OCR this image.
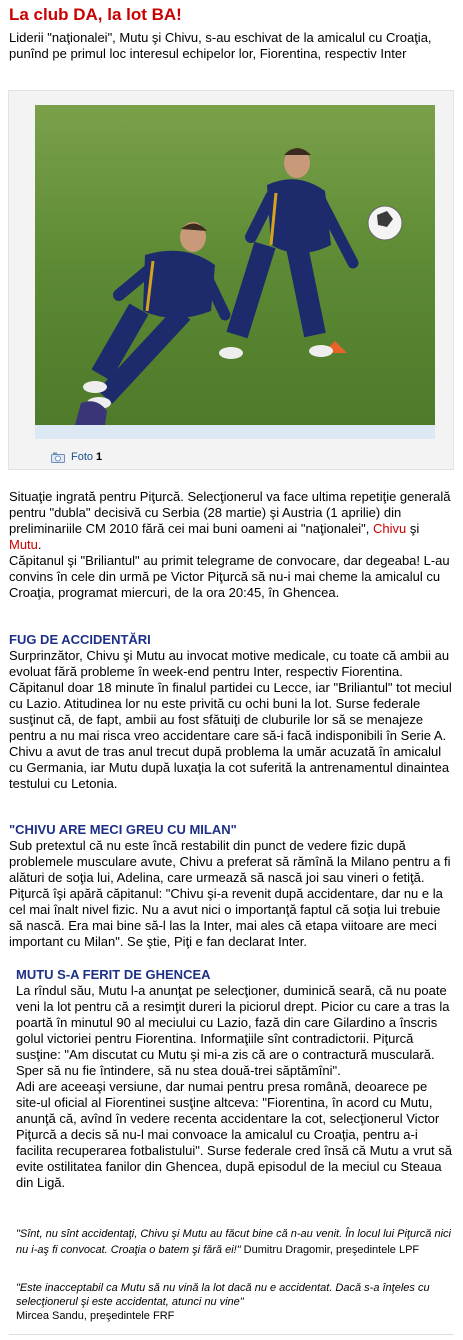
La club DA, la lot BA!
Liderii "naţionalei", Mutu şi Chivu, s-au eschivat de la amicalul cu Croaţia, punînd pe primul loc interesul echipelor lor, Fiorentina, respectiv Inter
Foto 1

Situaţie ingrată pentru Piţurcă. Selecţionerul va face ultima repetiţie generală pentru "dubla" decisivă cu Serbia (28 martie) şi Austria (1 aprilie) din preliminariile CM 2010 fără cei mai buni oameni ai "naţionalei", Chivu şi Mutu.

Căpitanul şi "Briliantul" au primit telegrame de convocare, dar degeaba! L-au convins în cele din urmă pe Victor Piţurcă să nu-i mai cheme la amicalul cu Croaţia, programat miercuri, de la ora 20:45, în Ghencea.

FUG DE ACCIDENTĂRI
Surprinzător, Chivu şi Mutu au invocat motive medicale, cu toate că ambii au evoluat fără probleme în week-end pentru Inter, respectiv Fiorentina. Căpitanul doar 18 minute în finalul partidei cu Lecce, iar "Briliantul" tot meciul cu Lazio. Atitudinea lor nu este privită cu ochi buni la lot. Surse federale susţinut că, de fapt, ambii au fost sfătuiţi de cluburile lor să se menajeze pentru a nu mai risca vreo accidentare care să-i facă indisponibili în Serie A. Chivu a avut de tras anul trecut după problema la umăr acuzată în amicalul cu Germania, iar Mutu după luxaţia la cot suferită la antrenamentul dinaintea testului cu Letonia.
"CHIVU ARE MECI GREU CU MILAN"
Sub pretextul că nu este încă restabilit din punct de vedere fizic după problemele musculare avute, Chivu a preferat să rămînă la Milano pentru a fi alături de soţia lui, Adelina, care urmează să nască joi sau vineri o fetiţă. Piţurcă îşi apără căpitanul: "Chivu şi-a revenit după accidentare, dar nu e la cel mai înalt nivel fizic. Nu a avut nici o importanţă faptul că soţia lui trebuie să nască. Era mai bine să-l las la Inter, mai ales că etapa viitoare are meci important cu Milan". Se ştie, Piţi e fan declarat Inter.
MUTU S-A FERIT DE GHENCEA

La rîndul său, Mutu l-a anunţat pe selecţioner, duminică seară, că nu poate veni la lot pentru că a resimţit dureri la piciorul drept. Picior cu care a tras la poartă în minutul 90 al meciului cu Lazio, fază din care Gilardino a înscris golul victoriei pentru Fiorentina. Informaţiile sînt contradictorii. Piţurcă susţine: "Am discutat cu Mutu şi mi-a zis că are o contractură musculară. Sper să nu fie întindere, să nu stea două-trei săptămîni".

Adi are aceeaşi versiune, dar numai pentru presa română, deoarece pe site-ul oficial al Fiorentinei susţine altceva: "Fiorentina, în acord cu Mutu, anunţă că, avînd în vedere recenta accidentare la cot, selecţionerul Victor Piţurcă a decis să nu-l mai convoace la amicalul cu Croaţia, pentru a-i facilita recuperarea fotbalistului". Surse federale cred însă că Mutu a vrut să evite ostilitatea fanilor din Ghencea, după episodul de la meciul cu Steaua din Ligă.

"Sînt, nu sînt accidentaţi, Chivu şi Mutu au făcut bine că n-au venit. În locul lui Piţurcă nici nu i-aş fi convocat. Croaţia o batem şi fără ei!" Dumitru Dragomir, preşedintele LPF
"Este inacceptabil ca Mutu să nu vină la lot dacă nu e accidentat. Dacă s-a înţeles cu selecţionerul şi este accidentat, atunci nu vine"
Mircea Sandu, preşedintele FRF
